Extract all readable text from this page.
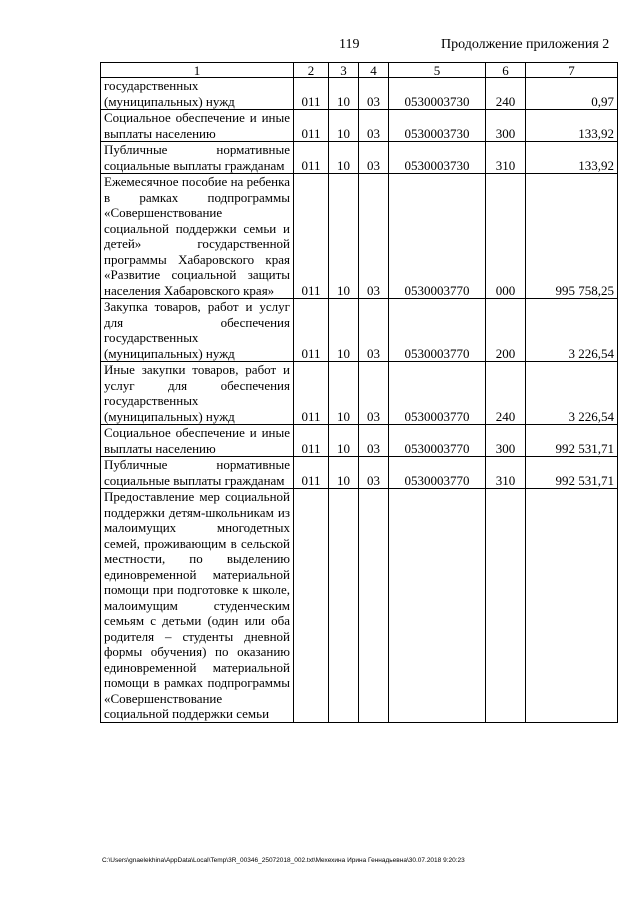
119	Продолжение приложения 2
1	2	3	4	5	6	7
государственных (муниципальных) нужд	011	10	03	0530003730	240	0,97
Социальное обеспечение и иные выплаты населению	011	10	03	0530003730	300	133,92
Публичные нормативные социальные выплаты гражданам	011	10	03	0530003730	310	133,92
Ежемесячное пособие на ребенка в рамках подпрограммы «Совершенствование социальной поддержки семьи и детей» государственной программы Хабаровского края «Развитие социальной защиты населения Хабаровского края»	011	10	03	0530003770	000	995 758,25
Закупка товаров, работ и услуг для обеспечения государственных (муниципальных) нужд	011	10	03	0530003770	200	3 226,54
Иные закупки товаров, работ и услуг для обеспечения государственных (муниципальных) нужд	011	10	03	0530003770	240	3 226,54
Социальное обеспечение и иные выплаты населению	011	10	03	0530003770	300	992 531,71
Публичные нормативные социальные выплаты гражданам	011	10	03	0530003770	310	992 531,71
Предоставление мер социальной поддержки детям-школьникам из малоимущих многодетных семей, проживающим в сельской местности, по выделению единовременной материальной помощи при подготовке к школе, малоимущим студенческим семьям с детьми (один или оба родителя – студенты дневной формы обучения) по оказанию единовременной материальной помощи в рамках подпрограммы «Совершенствование социальной поддержки семьи						
C:\Users\gnaelekhina\AppData\Local\Temp\3R_00346_25072018_002.txt\Мехехина Ирина Геннадьевна\30.07.2018 9:20:23
